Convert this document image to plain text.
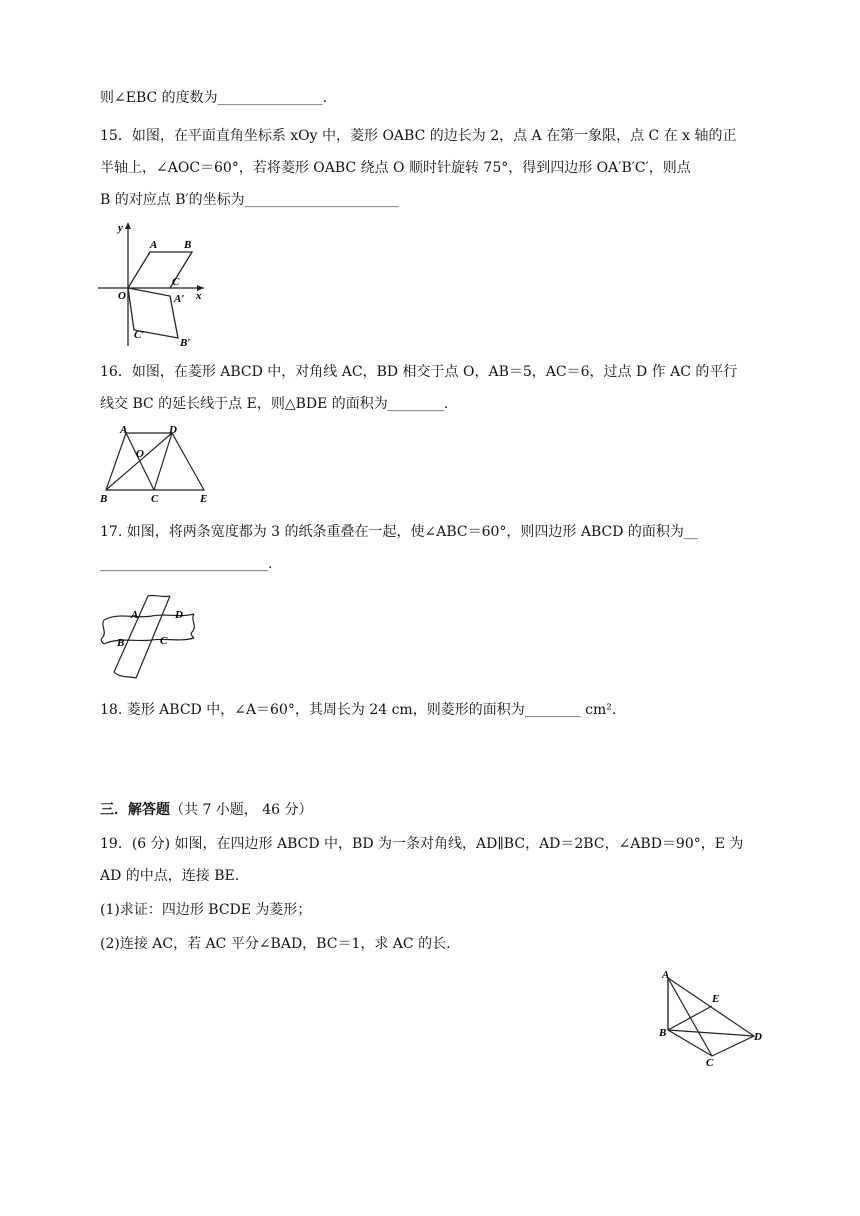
则∠EBC 的度数为_______________.
15．如图，在平面直角坐标系 xOy 中，菱形 OABC 的边长为 2，点 A 在第一象限，点 C 在 x 轴的正
半轴上，∠AOC＝60°，若将菱形 OABC 绕点 O 顺时针旋转 75°，得到四边形 OA′B′C′，则点
B 的对应点 B′的坐标为______________________
y
x
O
A B
C
A′
B′
C′
16．如图，在菱形 ABCD 中，对角线 AC，BD 相交于点 O，AB＝5，AC＝6，过点 D 作 AC 的平行
线交 BC 的延长线于点 E，则△BDE 的面积为________.
A	D
O
B	C	E
17. 如图，将两条宽度都为 3 的纸条重叠在一起，使∠ABC＝60°，则四边形 ABCD 的面积为__
________________________.
A	D
B	C
18. 菱形 ABCD 中，∠A＝60°，其周长为 24 cm，则菱形的面积为________ cm².
三．解答题（共 7 小题， 46 分）
19．(6 分) 如图，在四边形 ABCD 中，BD 为一条对角线，AD∥BC，AD＝2BC，∠ABD＝90°，E 为
AD 的中点，连接 BE.
(1)求证：四边形 BCDE 为菱形；
(2)连接 AC，若 AC 平分∠BAD，BC＝1，求 AC 的长.
A
E
B	D
C
